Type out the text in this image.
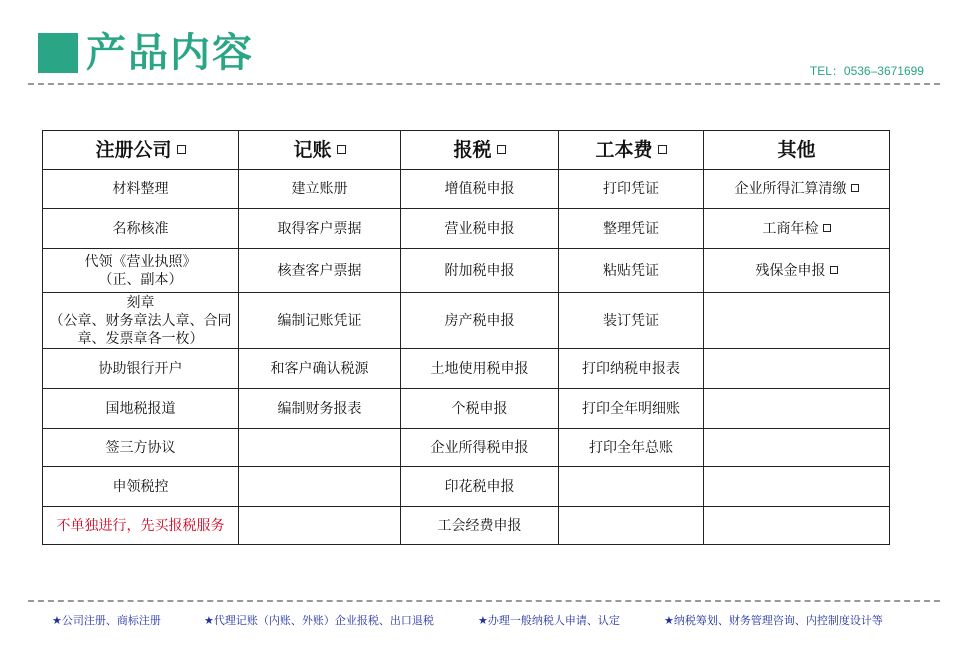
产品内容	TEL：0536–3671699
注册公司	记账	报税	工本费	其他
材料整理	建立账册	增值税申报	打印凭证	企业所得汇算清缴
名称核准	取得客户票据	营业税申报	整理凭证	工商年检
代领《营业执照》
（正、副本）	核查客户票据	附加税申报	粘贴凭证	残保金申报
刻章
（公章、财务章法人章、合同章、发票章各一枚）	编制记账凭证	房产税申报	装订凭证	
协助银行开户	和客户确认税源	土地使用税申报	打印纳税申报表	
国地税报道	编制财务报表	个税申报	打印全年明细账	
签三方协议		企业所得税申报	打印全年总账	
申领税控		印花税申报		
不单独进行，先买报税服务		工会经费申报		
★公司注册、商标注册	★代理记账（内账、外账）企业报税、出口退税	★办理一般纳税人申请、认定	★纳税筹划、财务管理咨询、内控制度设计等
